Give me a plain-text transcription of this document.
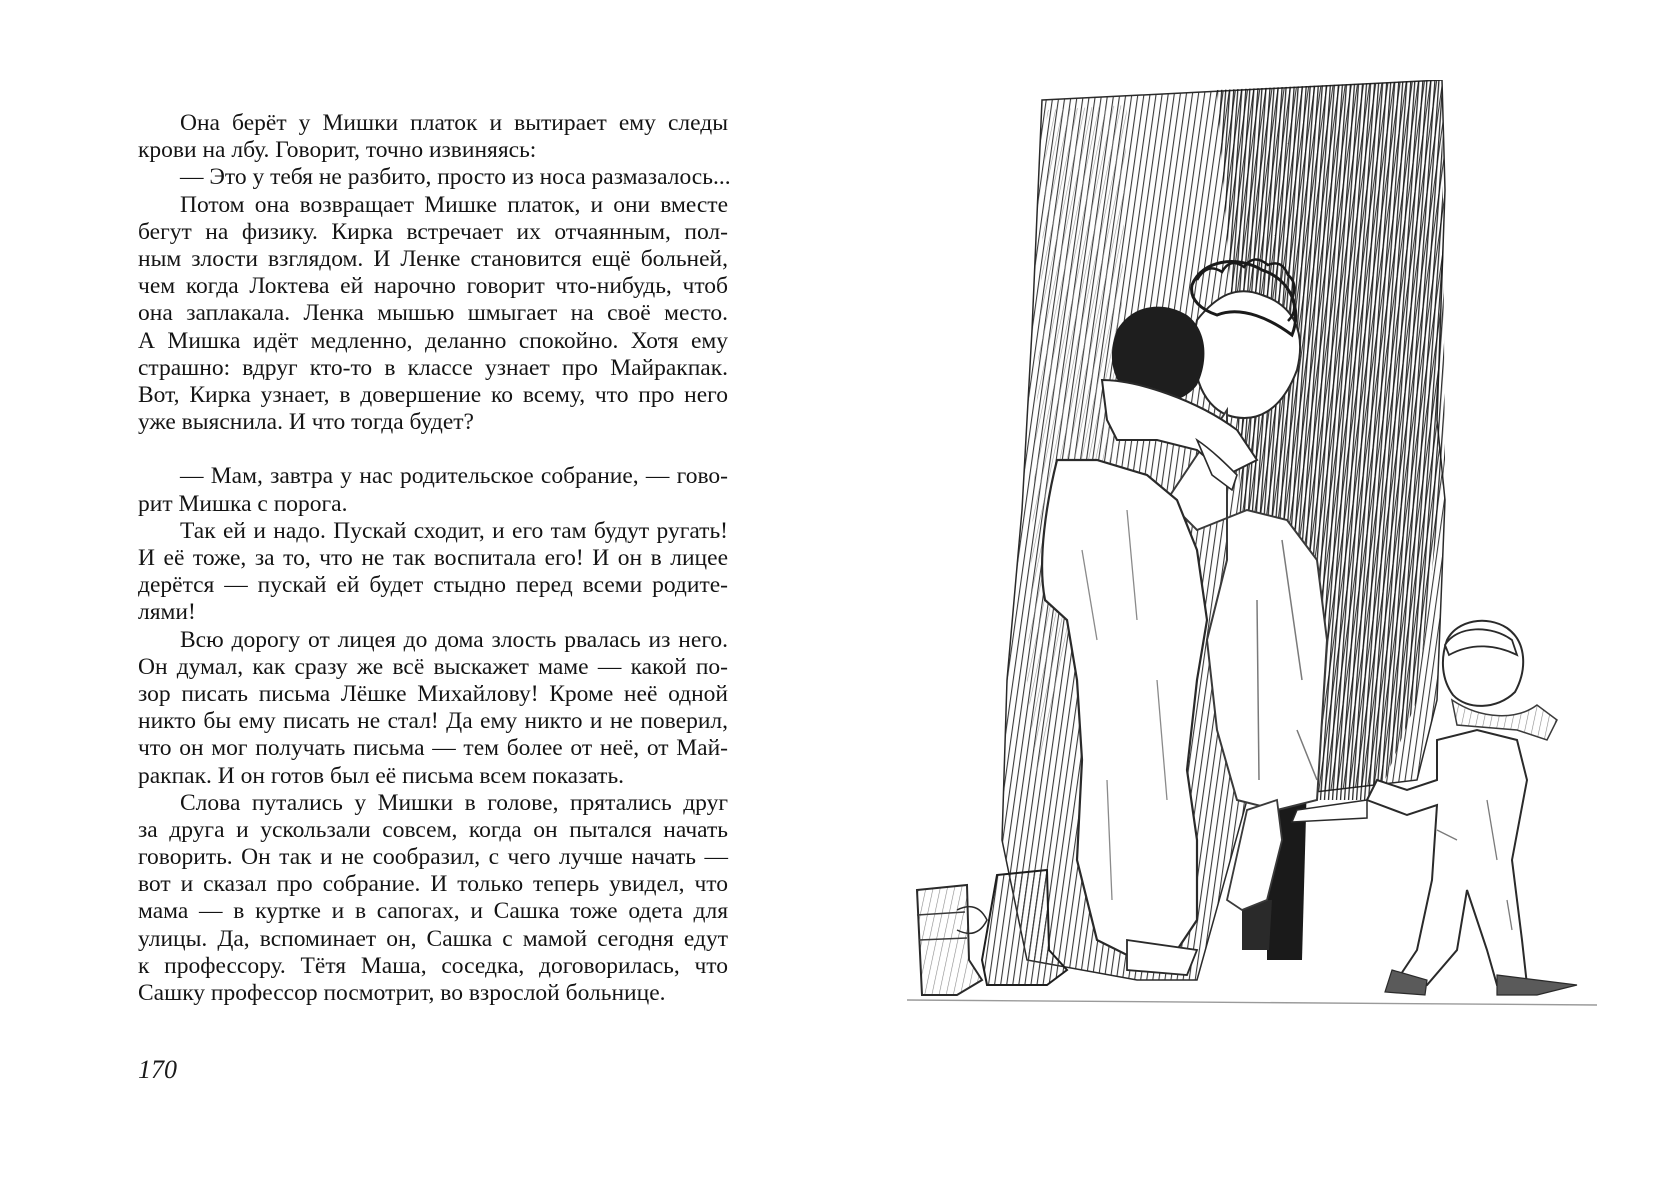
Она берёт у Мишки платок и вытирает ему следы
крови на лбу. Говорит, точно извиняясь:
— Это у тебя не разбито, просто из носа размазалось...
Потом она возвращает Мишке платок, и они вместе
бегут на физику. Кирка встречает их отчаянным, пол-
ным злости взглядом. И Ленке становится ещё больней,
чем когда Локтева ей нарочно говорит что-нибудь, чтоб
она заплакала. Ленка мышью шмыгает на своё место.
А Мишка идёт медленно, деланно спокойно. Хотя ему
страшно: вдруг кто-то в классе узнает про Майракпак.
Вот, Кирка узнает, в довершение ко всему, что про него
уже выяснила. И что тогда будет?
— Мам, завтра у нас родительское собрание, — гово-
рит Мишка с порога.
Так ей и надо. Пускай сходит, и его там будут ругать!
И её тоже, за то, что не так воспитала его! И он в лицее
дерётся — пускай ей будет стыдно перед всеми родите-
лями!
Всю дорогу от лицея до дома злость рвалась из него.
Он думал, как сразу же всё выскажет маме — какой по-
зор писать письма Лёшке Михайлову! Кроме неё одной
никто бы ему писать не стал! Да ему никто и не поверил,
что он мог получать письма — тем более от неё, от Май-
ракпак. И он готов был её письма всем показать.
Слова путались у Мишки в голове, прятались друг
за друга и ускользали совсем, когда он пытался начать
говорить. Он так и не сообразил, с чего лучше начать —
вот и сказал про собрание. И только теперь увидел, что
мама — в куртке и в сапогах, и Сашка тоже одета для
улицы. Да, вспоминает он, Сашка с мамой сегодня едут
к профессору. Тётя Маша, соседка, договорилась, что
Сашку профессор посмотрит, во взрослой больнице.
170
